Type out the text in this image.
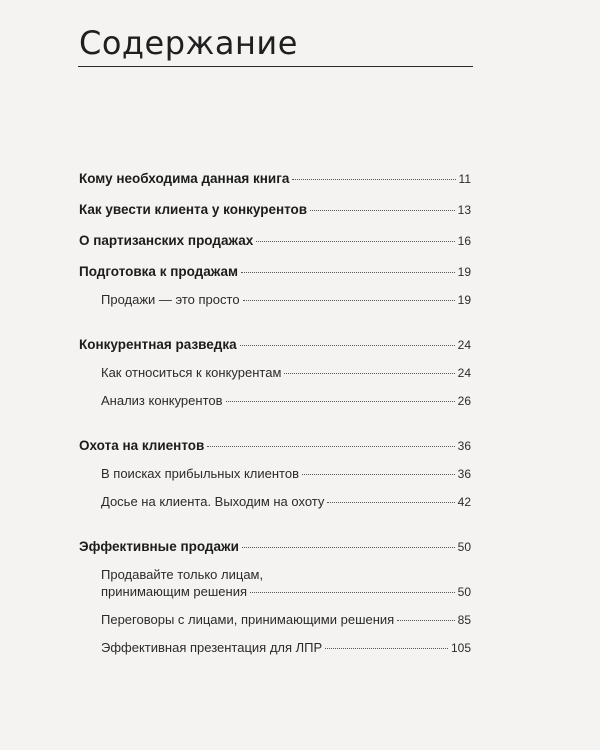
Содержание
Кому необходима данная книга	11
Как увести клиента у конкурентов	13
О партизанских продажах	16
Подготовка к продажам	19
Продажи — это просто	19
Конкурентная разведка	24
Как относиться к конкурентам	24
Анализ конкурентов	26
Охота на клиентов	36
В поисках прибыльных клиентов	36
Досье на клиента. Выходим на охоту	42
Эффективные продажи	50
Продавайте только лицам,
принимающим решения	50
Переговоры с лицами, принимающими решения	85
Эффективная презентация для ЛПР	105
